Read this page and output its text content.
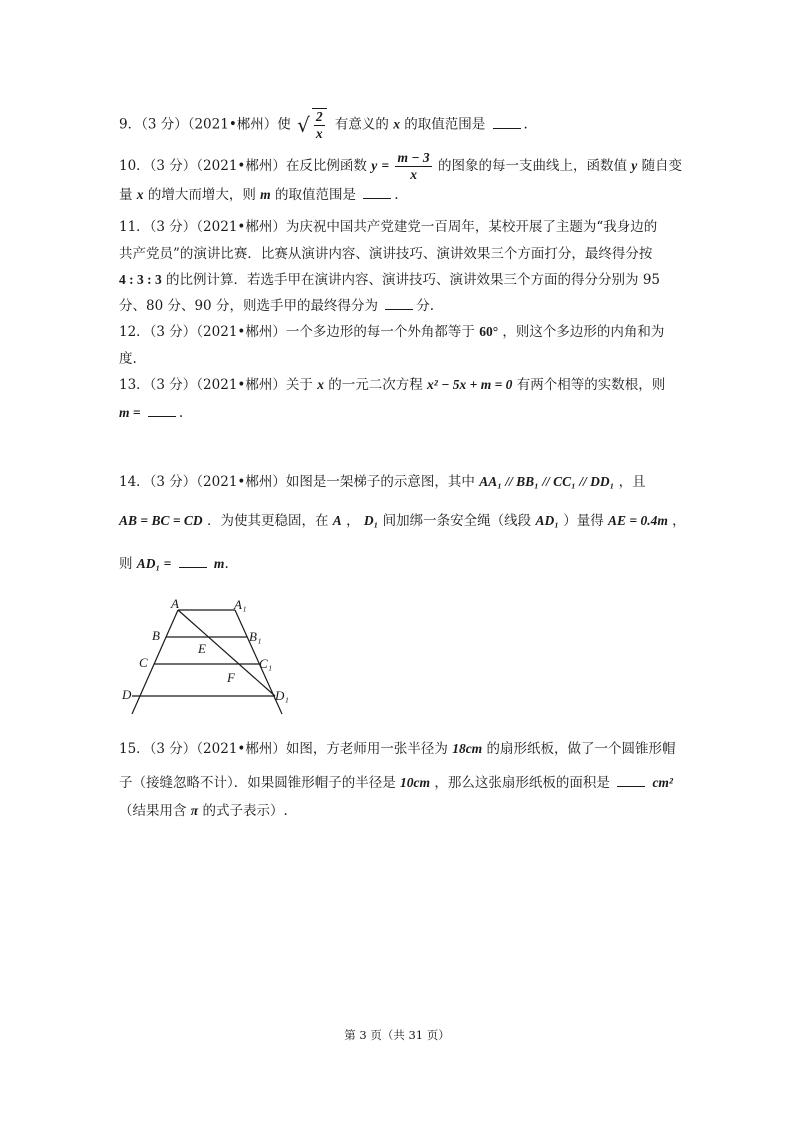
9．（3 分）（2021•郴州）使 √ $\frac{2}{x}$ 有意义的 x 的取值范围是	.
10．（3 分）（2021•郴州）在反比例函数 $y = \frac{m - 3}{x}$ 的图象的每一支曲线上，函数值 y 随自变
量 x 的增大而增大，则 m 的取值范围是	.
11．（3 分）（2021•郴州）为庆祝中国共产党建党一百周年，某校开展了主题为“我身边的
共产党员”的演讲比赛．比赛从演讲内容、演讲技巧、演讲效果三个方面打分，最终得分按
4 : 3 : 3 的比例计算．若选手甲在演讲内容、演讲技巧、演讲效果三个方面的得分分别为 95
分、80 分、90 分，则选手甲的最终得分为	分.
12．（3 分）（2021•郴州）一个多边形的每一个外角都等于 60° ，则这个多边形的内角和为
度.
13．（3 分）（2021•郴州）关于 x 的一元二次方程 x² − 5x + m = 0 有两个相等的实数根，则
m =	.
14．（3 分）（2021•郴州）如图是一架梯子的示意图，其中 AA₁ // BB₁ // CC₁ // DD₁ ，且
AB = BC = CD ．为使其更稳固，在 A ， D₁ 间加绑一条安全绳（线段 AD₁ ）量得 AE = 0.4m ，
则 AD₁ =	m.
A	A₁
B	B₁
E
C	C₁
F
D	D₁
15．（3 分）（2021•郴州）如图，方老师用一张半径为 18cm 的扇形纸板，做了一个圆锥形帽
子（接缝忽略不计）．如果圆锥形帽子的半径是 10cm ，那么这张扇形纸板的面积是	cm²
（结果用含 π 的式子表示）.
第 3 页（共 31 页）
